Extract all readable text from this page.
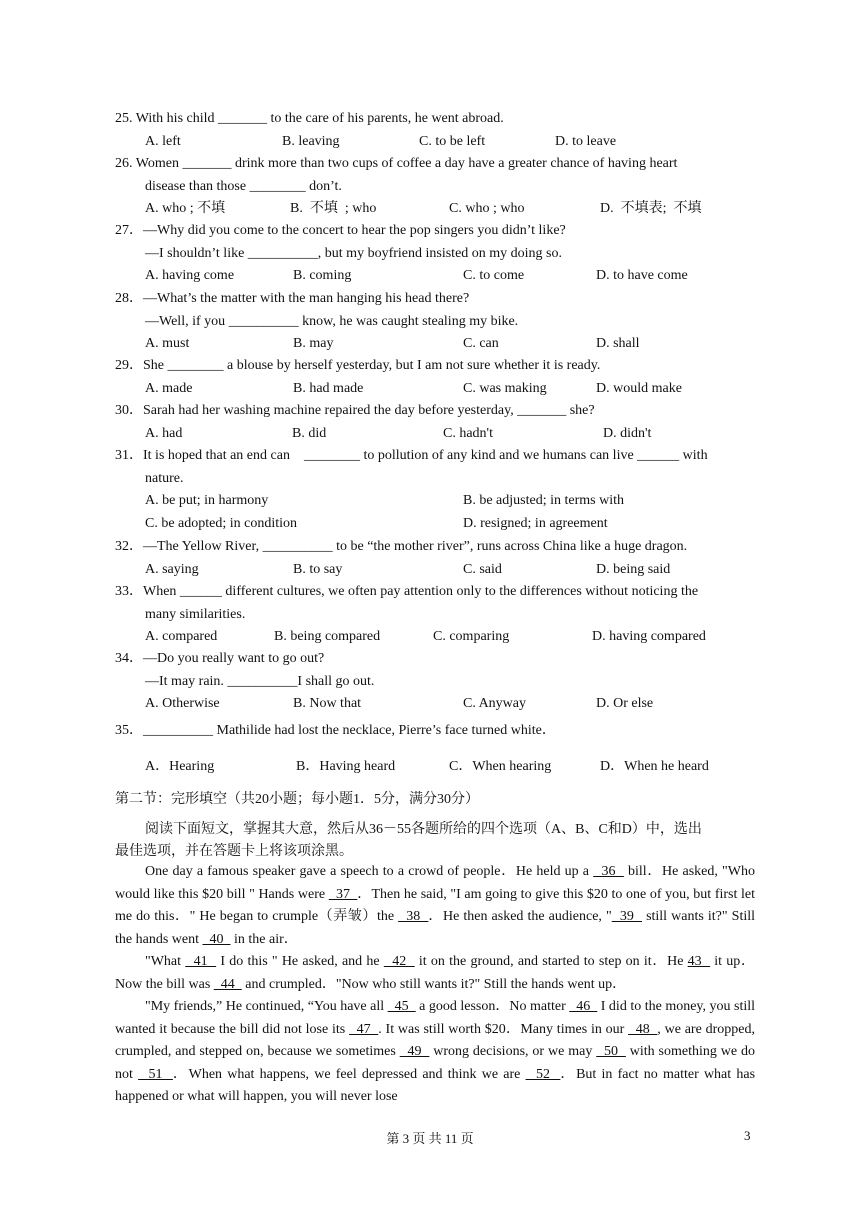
25. With his child _______ to the care of his parents, he went abroad.
A. left	B. leaving	C. to be left	D. to leave
26. Women _______ drink more than two cups of coffee a day have a greater chance of having heart
disease than those ________ don’t.
A. who ; 不填	B.  不填  ; who	C. who ; who	D.  不填表;  不填
27．—Why did you come to the concert to hear the pop singers you didn’t like?
—I shouldn’t like __________, but my boyfriend insisted on my doing so.
A. having come	B. coming	C. to come	D. to have come
28．—What’s the matter with the man hanging his head there?
—Well, if you __________ know, he was caught stealing my bike.
A. must	B. may	C. can	D. shall
29．She ________ a blouse by herself yesterday, but I am not sure whether it is ready.
A. made	B. had made	C. was making	D. would make
30．Sarah had her washing machine repaired the day before yesterday, _______ she?
A. had	B. did	C. hadn't	D. didn't
31．It is hoped that an end can    ________ to pollution of any kind and we humans can live ______ with
nature.
A. be put; in harmony	B. be adjusted; in terms with
C. be adopted; in condition	D. resigned; in agreement
32．—The Yellow River, __________ to be “the mother river”, runs across China like a huge dragon.
A. saying	B. to say	C. said	D. being said
33．When ______ different cultures, we often pay attention only to the differences without noticing the
many similarities.
A. compared	B. being compared	C. comparing	D. having compared
34．—Do you really want to go out?
—It may rain. __________I shall go out.
A. Otherwise	B. Now that	C. Anyway	D. Or else
35．__________ Mathilide had lost the necklace, Pierre’s face turned white．
A．Hearing	B．Having heard	C．When hearing	D．When he heard
第二节：完形填空（共20小题；每小题1．5分，满分30分）
阅读下面短文，掌握其大意，然后从36－55各题所给的四个选项（A、B、C和D）中，选出
最佳选项，并在答题卡上将该项涂黑。

One day a famous speaker gave a speech to a crowd of people．He held up a   36   bill．He asked, "Who would like this $20 bill " Hands were   37  ．Then he said, "I am going to give this $20 to one of you, but first let me do this．" He began to crumple（弄皱）the   38  ．He then asked the audience, "  39   still wants it?" Still the hands went   40   in the air．

"What   41   I do this " He asked, and he   42   it on the ground, and started to step on it．He 43   it up．Now the bill was   44   and crumpled．"Now who still wants it?" Still the hands went up．

"My friends,” He continued, “You have all   45   a good lesson．No matter   46   I did to the money, you still wanted it because the bill did not lose its   47  . It was still worth $20．Many times in our   48  , we are dropped, crumpled, and stepped on, because we sometimes   49   wrong decisions, or we may   50   with something we do not   51  ．When what happens, we feel depressed and think we are   52  ．But in fact no matter what has happened or what will happen, you will never lose

第 3 页 共 11 页	3
